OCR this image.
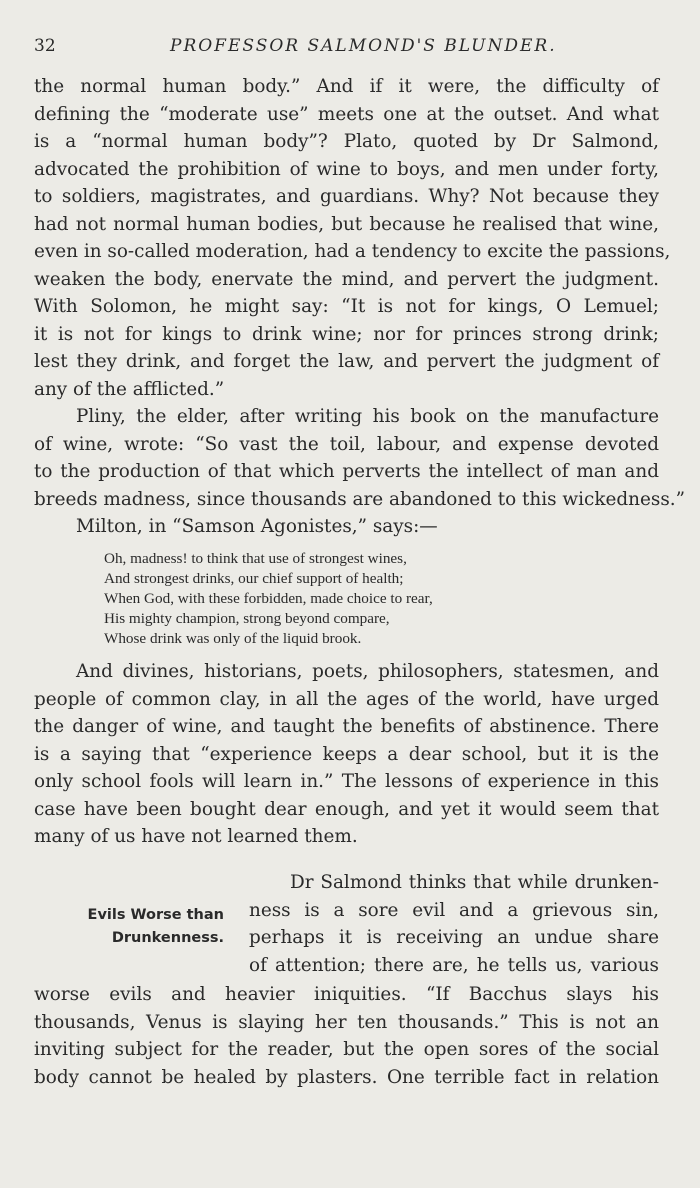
32	PROFESSOR SALMOND'S BLUNDER.
the normal human body.” And if it were, the difficulty of
defining the “moderate use” meets one at the outset. And what
is a “normal human body”? Plato, quoted by Dr Salmond,
advocated the prohibition of wine to boys, and men under forty,
to soldiers, magistrates, and guardians. Why? Not because they
had not normal human bodies, but because he realised that wine,
even in so-called moderation, had a tendency to excite the passions,
weaken the body, enervate the mind, and pervert the judgment.
With Solomon, he might say: “It is not for kings, O Lemuel;
it is not for kings to drink wine; nor for princes strong drink;
lest they drink, and forget the law, and pervert the judgment of
any of the afflicted.”
Pliny, the elder, after writing his book on the manufacture
of wine, wrote: “So vast the toil, labour, and expense devoted
to the production of that which perverts the intellect of man and
breeds madness, since thousands are abandoned to this wickedness.”
Milton, in “Samson Agonistes,” says:—
Oh, madness! to think that use of strongest wines,
And strongest drinks, our chief support of health;
When God, with these forbidden, made choice to rear,
His mighty champion, strong beyond compare,
Whose drink was only of the liquid brook.
And divines, historians, poets, philosophers, statesmen, and
people of common clay, in all the ages of the world, have urged
the danger of wine, and taught the benefits of abstinence. There
is a saying that “experience keeps a dear school, but it is the
only school fools will learn in.” The lessons of experience in this
case have been bought dear enough, and yet it would seem that
many of us have not learned them.
Evils Worse than
Drunkenness.
Dr Salmond thinks that while drunken-
ness is a sore evil and a grievous sin,
perhaps it is receiving an undue share
of attention; there are, he tells us, various
worse evils and heavier iniquities. “If Bacchus slays his
thousands, Venus is slaying her ten thousands.” This is not an
inviting subject for the reader, but the open sores of the social
body cannot be healed by plasters. One terrible fact in relation
